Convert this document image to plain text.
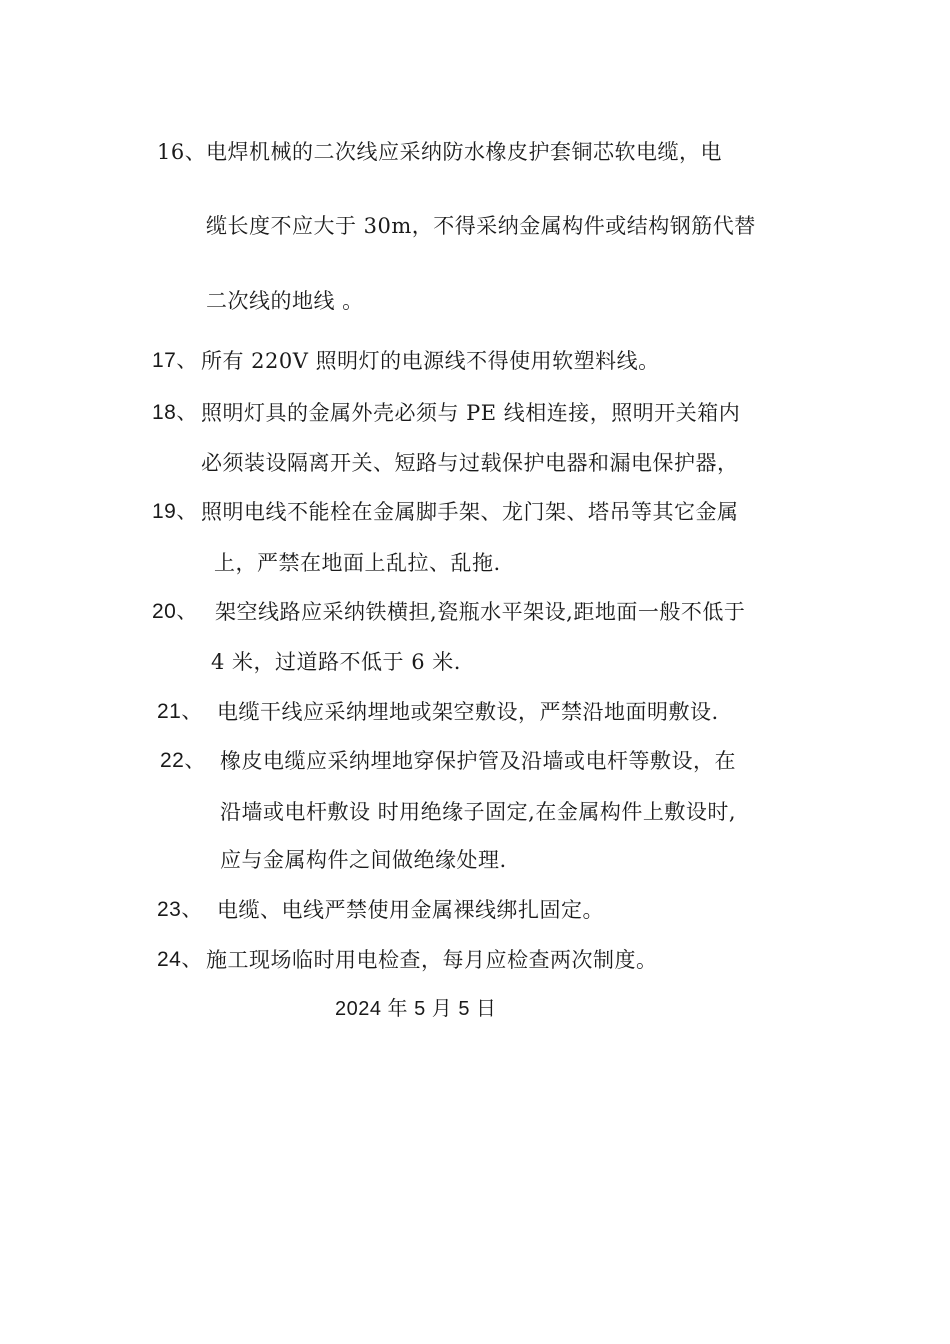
16、 电焊机械的二次线应采纳防水橡皮护套铜芯软电缆，电
缆长度不应大于 30m，不得采纳金属构件或结构钢筋代替
二次线的地线 。
17、 所有 220V 照明灯的电源线不得使用软塑料线。
18、 照明灯具的金属外壳必须与 PE 线相连接，照明开关箱内
必须装设隔离开关、短路与过载保护电器和漏电保护器，
19、 照明电线不能栓在金属脚手架、龙门架、塔吊等其它金属
上，严禁在地面上乱拉、乱拖.
20、 架空线路应采纳铁横担,瓷瓶水平架设,距地面一般不低于
4 米，过道路不低于 6 米.
21、 电缆干线应采纳埋地或架空敷设，严禁沿地面明敷设.
22、 橡皮电缆应采纳埋地穿保护管及沿墙或电杆等敷设，在
沿墙或电杆敷设 时用绝缘子固定,在金属构件上敷设时,
应与金属构件之间做绝缘处理.
23、 电缆、电线严禁使用金属裸线绑扎固定。
24、 施工现场临时用电检查，每月应检查两次制度。
2024 年 5 月 5 日
